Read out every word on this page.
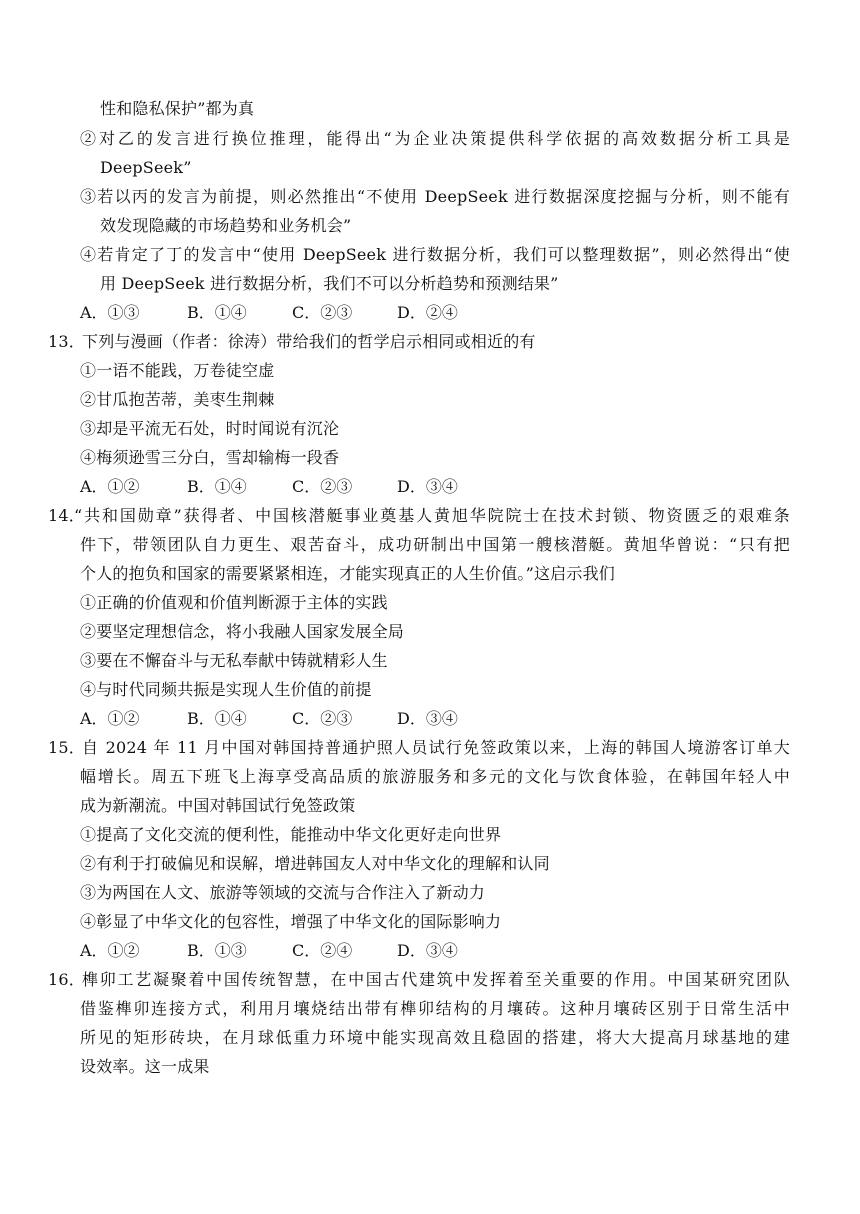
性和隐私保护”都为真
②对乙的发言进行换位推理，能得出“为企业决策提供科学依据的高效数据分析工具是
DeepSeek”
③若以丙的发言为前提，则必然推出“不使用 DeepSeek 进行数据深度挖掘与分析，则不能有
效发现隐藏的市场趋势和业务机会”
④若肯定了丁的发言中“使用 DeepSeek 进行数据分析，我们可以整理数据”，则必然得出“使
用 DeepSeek 进行数据分析，我们不可以分析趋势和预测结果”
A．①③	B．①④	C．②③	D．②④
13．
下列与漫画（作者：徐涛）带给我们的哲学启示相同或相近的有
①一语不能践，万卷徒空虚
②甘瓜抱苦蒂，美枣生荆棘
③却是平流无石处，时时闻说有沉沦
④梅须逊雪三分白，雪却输梅一段香
A．①②	B．①④	C．②③	D．③④
14．
“共和国勋章”获得者、中国核潜艇事业奠基人黄旭华院院士在技术封锁、物资匮乏的艰难条
件下，带领团队自力更生、艰苦奋斗，成功研制出中国第一艘核潜艇。黄旭华曾说：“只有把
个人的抱负和国家的需要紧紧相连，才能实现真正的人生价值。”这启示我们
①正确的价值观和价值判断源于主体的实践
②要坚定理想信念，将小我融人国家发展全局
③要在不懈奋斗与无私奉献中铸就精彩人生
④与时代同频共振是实现人生价值的前提
A．①②	B．①④	C．②③	D．③④
15．
自 2024 年 11 月中国对韩国持普通护照人员试行免签政策以来，上海的韩国人境游客订单大
幅增长。周五下班飞上海享受高品质的旅游服务和多元的文化与饮食体验，在韩国年轻人中
成为新潮流。中国对韩国试行免签政策
①提高了文化交流的便利性，能推动中华文化更好走向世界
②有利于打破偏见和误解，增进韩国友人对中华文化的理解和认同
③为两国在人文、旅游等领域的交流与合作注入了新动力
④彰显了中华文化的包容性，增强了中华文化的国际影响力
A．①②	B．①③	C．②④	D．③④
16．
榫卯工艺凝聚着中国传统智慧，在中国古代建筑中发挥着至关重要的作用。中国某研究团队
借鉴榫卯连接方式，利用月壤烧结出带有榫卯结构的月壤砖。这种月壤砖区别于日常生活中
所见的矩形砖块，在月球低重力环境中能实现高效且稳固的搭建，将大大提高月球基地的建
设效率。这一成果
